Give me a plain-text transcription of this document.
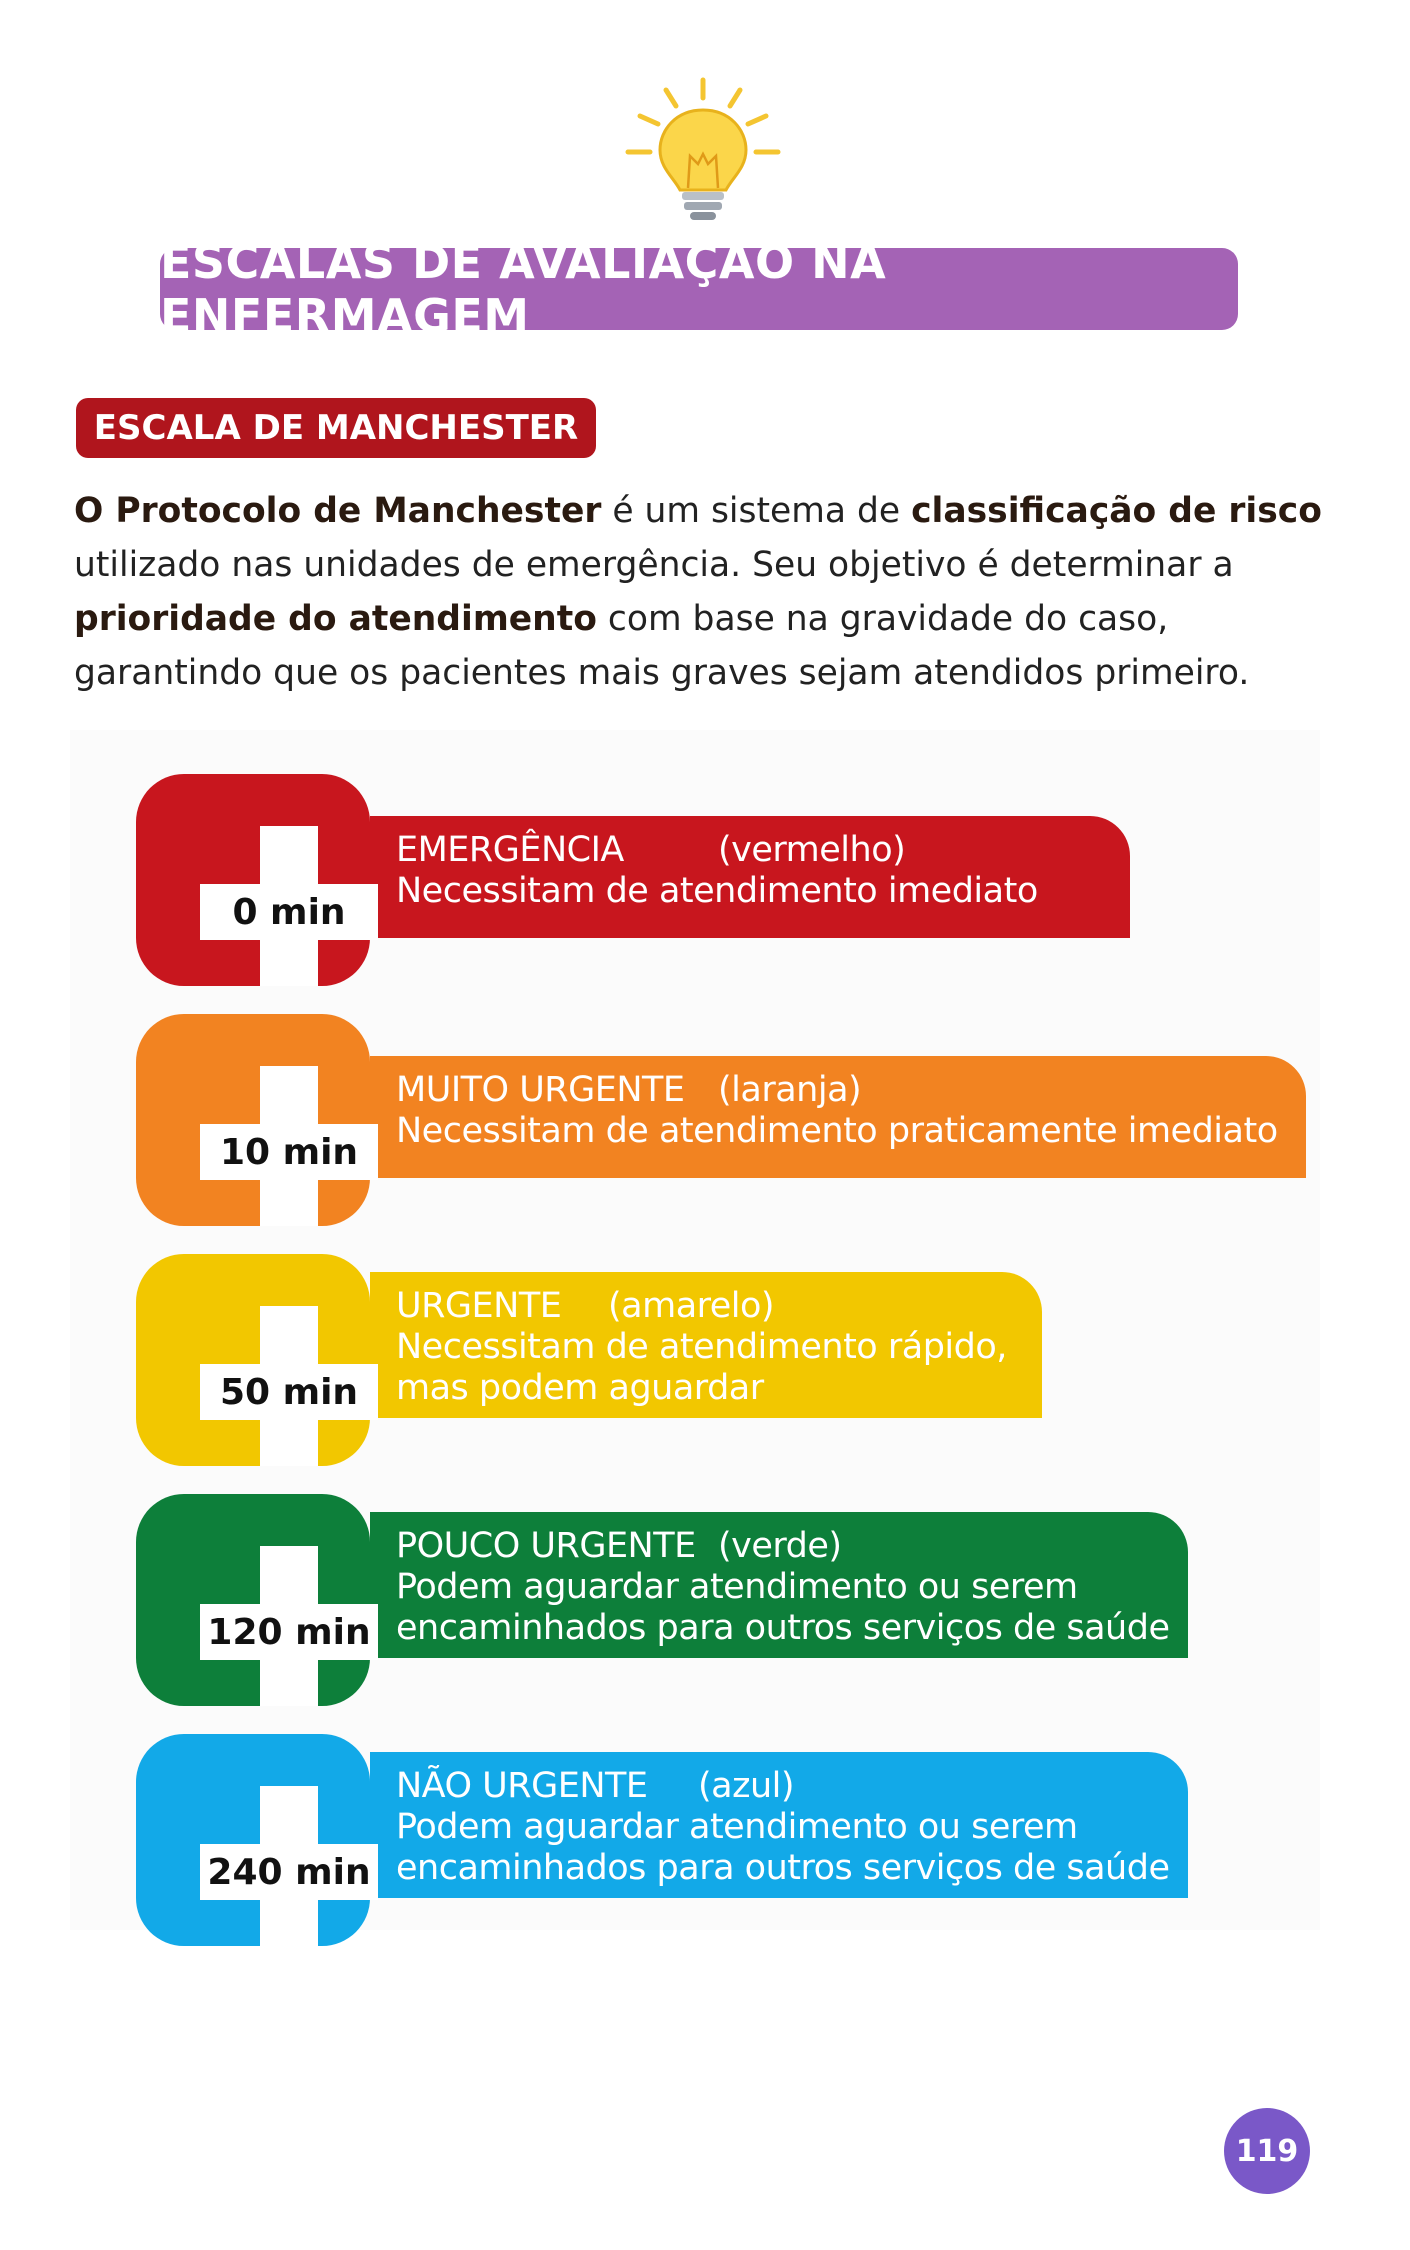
ESCALAS DE AVALIAÇÃO NA ENFERMAGEM
ESCALA DE MANCHESTER
O Protocolo de Manchester é um sistema de classificação de risco utilizado nas unidades de emergência. Seu objetivo é determinar a prioridade do atendimento com base na gravidade do caso, garantindo que os pacientes mais graves sejam atendidos primeiro.
EMERGÊNCIA	(vermelho)
Necessitam de atendimento imediato
0 min
MUITO URGENTE (laranja)
Necessitam de atendimento praticamente imediato
10 min
URGENTE (amarelo)
Necessitam de atendimento rápido,
mas podem aguardar
50 min
POUCO URGENTE (verde)
Podem aguardar atendimento ou serem
encaminhados para outros serviços de saúde
120 min
NÃO URGENTE (azul)
Podem aguardar atendimento ou serem
encaminhados para outros serviços de saúde
240 min
119
